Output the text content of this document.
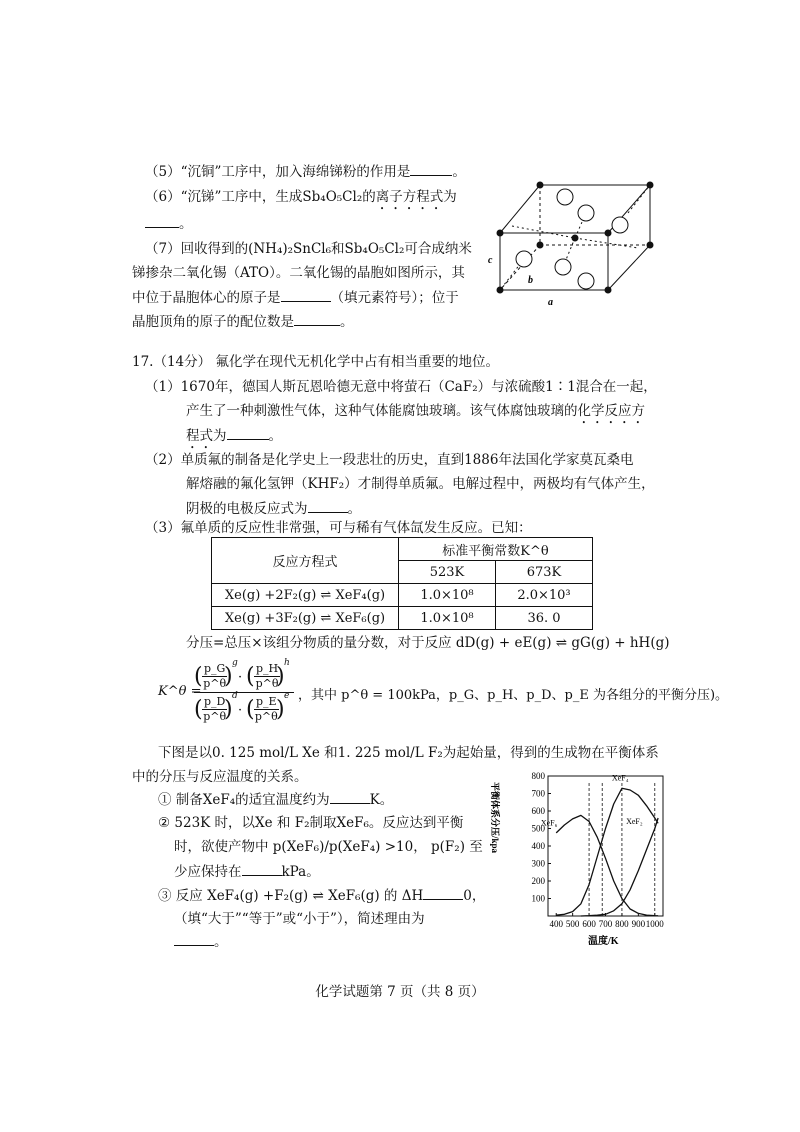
（5）“沉铜”工序中，加入海绵锑粉的作用是	。
（6）“沉锑”工序中，生成Sb₄O₅Cl₂的离子方程式为
。
（7）回收得到的(NH₄)₂SnCl₆和Sb₄O₅Cl₂可合成纳米
锑掺杂二氧化锡（ATO）。二氧化锡的晶胞如图所示，其
中位于晶胞体心的原子是	（填元素符号）；位于
晶胞顶角的原子的配位数是	。
c
b
a
17.（14分） 氟化学在现代无机化学中占有相当重要的地位。
（1）1670年，德国人斯瓦恩哈德无意中将萤石（CaF₂）与浓硫酸1∶1混合在一起，
产生了一种刺激性气体，这种气体能腐蚀玻璃。该气体腐蚀玻璃的化学反应方
程式为	。
（2）单质氟的制备是化学史上一段悲壮的历史，直到1886年法国化学家莫瓦桑电
解熔融的氟化氢钾（KHF₂）才制得单质氟。电解过程中，两极均有气体产生，
阴极的电极反应式为	。
（3）氟单质的反应性非常强，可与稀有气体氙发生反应。已知：
反应方程式	标准平衡常数K^θ	
	523K	673K
Xe(g) +2F₂(g) ⇌ XeF₄(g)	1.0×10⁸	2.0×10³
Xe(g) +3F₂(g) ⇌ XeF₆(g)	1.0×10⁸	36. 0
分压=总压×该组分物质的量分数，对于反应 dD(g) + eE(g) ⇌ gG(g) + hH(g)
K^θ =
( $\frac{p\_G}{p\^{}\theta}$
)
g
· ( $\frac{p\_H}{p\^{}\theta}$
)
h
( $\frac{p\_D}{p\^{}\theta}$
)
d
· ( $\frac{p\_E}{p\^{}\theta}$
)
e ，其中 p^θ = 100kPa，p_G、p_H、p_D、p_E 为各组分的平衡分压)。
下图是以0. 125 mol/L Xe 和1. 225 mol/L F₂为起始量，得到的生成物在平衡体系
中的分压与反应温度的关系。
① 制备XeF₄的适宜温度约为	K。
② 523K 时，以Xe 和 F₂制取XeF₆。反应达到平衡
时，欲使产物中 p(XeF₆)/p(XeF₄) >10， p(F₂) 至
少应保持在	kPa。
③ 反应 XeF₄(g) +F₂(g) ⇌ XeF₆(g) 的 ΔH	0，
（填“大于”“等于”或“小于”），简述理由为
。
100
200
300
400
500
600
700
800
400 500 600 700 800 900 1000
XeF₆
XeF₄
XeF₂
平衡体系分压/kpa
温度/K
化学试题第 7 页（共 8 页）
